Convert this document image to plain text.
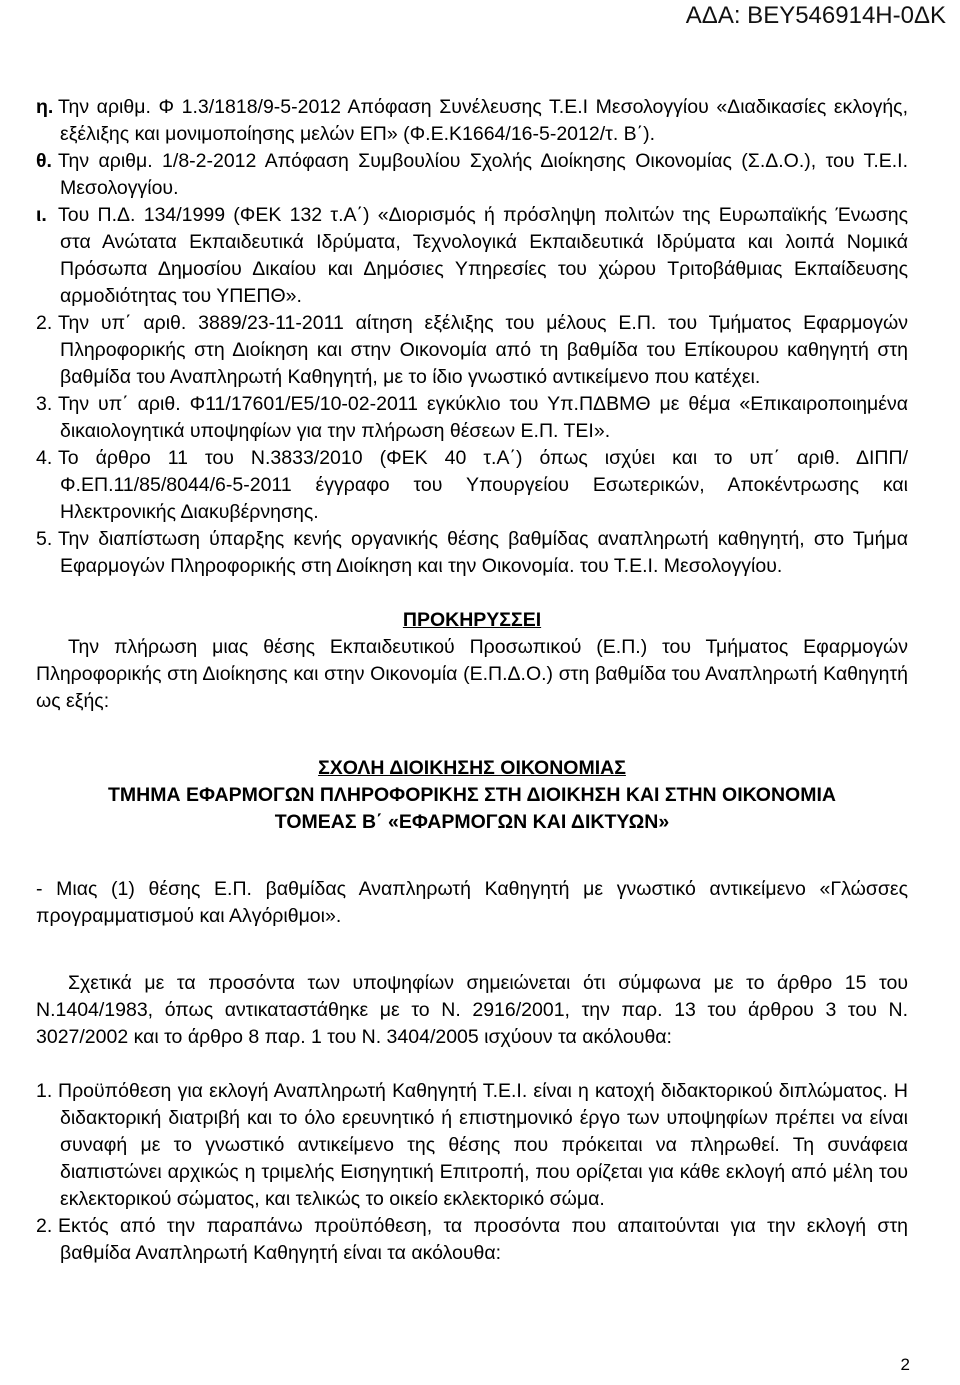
ΑΔΑ: ΒΕΥ546914Η-0ΔΚ

η. Την αριθμ. Φ 1.3/1818/9-5-2012 Απόφαση Συνέλευσης Τ.Ε.Ι Μεσολογγίου «Διαδικασίες εκλογής, εξέλιξης και μονιμοποίησης μελών ΕΠ» (Φ.Ε.Κ1664/16-5-2012/τ. Β΄).

θ. Την αριθμ. 1/8-2-2012 Απόφαση Συμβουλίου Σχολής Διοίκησης Οικονομίας (Σ.Δ.Ο.), του Τ.Ε.Ι. Μεσολογγίου.

ι. Του Π.Δ. 134/1999 (ΦΕΚ 132 τ.Α΄) «Διορισμός ή πρόσληψη πολιτών της Ευρωπαϊκής Ένωσης στα Ανώτατα Εκπαιδευτικά Ιδρύματα, Τεχνολογικά Εκπαιδευτικά Ιδρύματα και λοιπά Νομικά Πρόσωπα Δημοσίου Δικαίου και Δημόσιες Υπηρεσίες του χώρου Τριτοβάθμιας Εκπαίδευσης αρμοδιότητας του ΥΠΕΠΘ».

2. Την υπ΄ αριθ. 3889/23-11-2011 αίτηση εξέλιξης του μέλους Ε.Π. του Τμήματος Εφαρμογών Πληροφορικής στη Διοίκηση και στην Οικονομία από τη βαθμίδα του Επίκουρου καθηγητή στη βαθμίδα του Αναπληρωτή Καθηγητή, με το ίδιο γνωστικό αντικείμενο που κατέχει.

3. Την υπ΄ αριθ. Φ11/17601/Ε5/10-02-2011 εγκύκλιο του Υπ.ΠΔΒΜΘ με θέμα «Επικαιροποιημένα δικαιολογητικά υποψηφίων για την πλήρωση θέσεων Ε.Π. ΤΕΙ».

4. Το άρθρο 11 του Ν.3833/2010 (ΦΕΚ 40 τ.Α΄) όπως ισχύει και το υπ΄ αριθ. ΔΙΠΠ/Φ.ΕΠ.11/85/8044/6-5-2011 έγγραφο του Υπουργείου Εσωτερικών, Αποκέντρωσης και Ηλεκτρονικής Διακυβέρνησης.

5. Την διαπίστωση ύπαρξης κενής οργανικής θέσης βαθμίδας αναπληρωτή καθηγητή, στο Τμήμα Εφαρμογών Πληροφορικής στη Διοίκηση και την Οικονομία. του Τ.Ε.Ι. Μεσολογγίου.

ΠΡΟΚΗΡΥΣΣΕΙ

Την πλήρωση μιας θέσης Εκπαιδευτικού Προσωπικού (Ε.Π.) του Τμήματος Εφαρμογών Πληροφορικής στη Διοίκησης και στην Οικονομία (Ε.Π.Δ.Ο.) στη βαθμίδα του Αναπληρωτή Καθηγητή ως εξής:

ΣΧΟΛΗ ΔΙΟΙΚΗΣΗΣ ΟΙΚΟΝΟΜΙΑΣ

ΤΜΗΜΑ ΕΦΑΡΜΟΓΩΝ ΠΛΗΡΟΦΟΡΙΚΗΣ ΣΤΗ ΔΙΟΙΚΗΣΗ ΚΑΙ ΣΤΗΝ ΟΙΚΟΝΟΜΙΑ

ΤΟΜΕΑΣ Β΄ «ΕΦΑΡΜΟΓΩΝ ΚΑΙ ΔΙΚΤΥΩΝ»

- Μιας (1) θέσης Ε.Π. βαθμίδας Αναπληρωτή Καθηγητή με γνωστικό αντικείμενο «Γλώσσες προγραμματισμού και Αλγόριθμοι».

Σχετικά με τα προσόντα των υποψηφίων σημειώνεται ότι σύμφωνα με το άρθρο 15 του Ν.1404/1983, όπως αντικαταστάθηκε με το Ν. 2916/2001, την παρ. 13 του άρθρου 3 του Ν. 3027/2002 και το άρθρο 8 παρ. 1 του Ν. 3404/2005 ισχύουν τα ακόλουθα:

1. Προϋπόθεση για εκλογή Αναπληρωτή Καθηγητή Τ.Ε.Ι. είναι η κατοχή διδακτορικού διπλώματος. Η διδακτορική διατριβή και το όλο ερευνητικό ή επιστημονικό έργο των υποψηφίων πρέπει να είναι συναφή με το γνωστικό αντικείμενο της θέσης που πρόκειται να πληρωθεί. Τη συνάφεια διαπιστώνει αρχικώς η τριμελής Εισηγητική Επιτροπή, που ορίζεται για κάθε εκλογή από μέλη του εκλεκτορικού σώματος, και τελικώς το οικείο εκλεκτορικό σώμα.

2. Εκτός από την παραπάνω προϋπόθεση, τα προσόντα που απαιτούνται για την εκλογή στη βαθμίδα Αναπληρωτή Καθηγητή είναι τα ακόλουθα:

2
